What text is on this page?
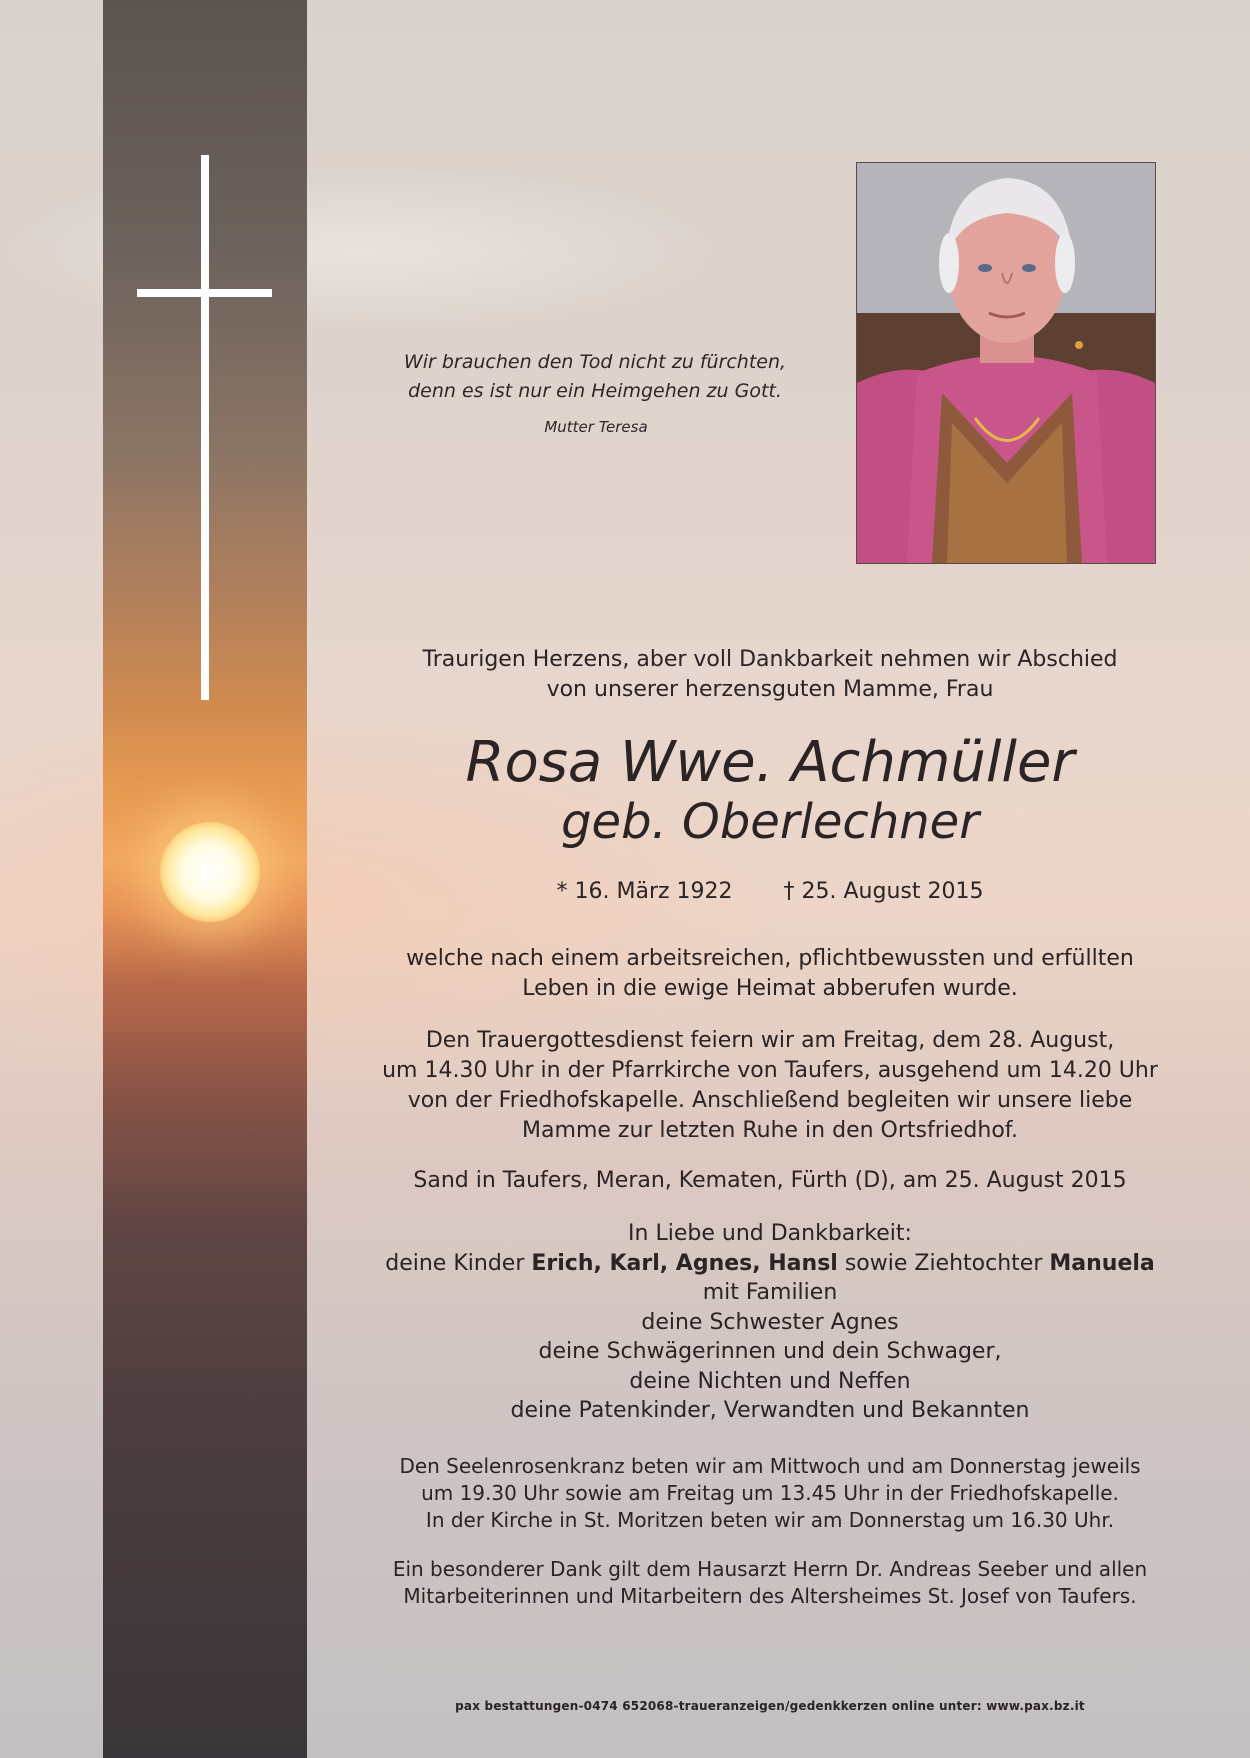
Wir brauchen den Tod nicht zu fürchten,
denn es ist nur ein Heimgehen zu Gott.
Mutter Teresa
Traurigen Herzens, aber voll Dankbarkeit nehmen wir Abschied
von unserer herzensguten Mamme, Frau
Rosa Wwe. Achmüller
geb. Oberlechner
* 16. März 1922 † 25. August 2015
welche nach einem arbeitsreichen, pflichtbewussten und erfüllten
Leben in die ewige Heimat abberufen wurde.
Den Trauergottesdienst feiern wir am Freitag, dem 28. August,
um 14.30 Uhr in der Pfarrkirche von Taufers, ausgehend um 14.20 Uhr
von der Friedhofskapelle. Anschließend begleiten wir unsere liebe
Mamme zur letzten Ruhe in den Ortsfriedhof.
Sand in Taufers, Meran, Kematen, Fürth (D), am 25. August 2015
In Liebe und Dankbarkeit:
deine Kinder Erich, Karl, Agnes, Hansl sowie Ziehtochter Manuela
mit Familien
deine Schwester Agnes
deine Schwägerinnen und dein Schwager,
deine Nichten und Neffen
deine Patenkinder, Verwandten und Bekannten
Den Seelenrosenkranz beten wir am Mittwoch und am Donnerstag jeweils
um 19.30 Uhr sowie am Freitag um 13.45 Uhr in der Friedhofskapelle.
In der Kirche in St. Moritzen beten wir am Donnerstag um 16.30 Uhr.
Ein besonderer Dank gilt dem Hausarzt Herrn Dr. Andreas Seeber und allen
Mitarbeiterinnen und Mitarbeitern des Altersheimes St. Josef von Taufers.
pax bestattungen-0474 652068-traueranzeigen/gedenkkerzen online unter: www.pax.bz.it
